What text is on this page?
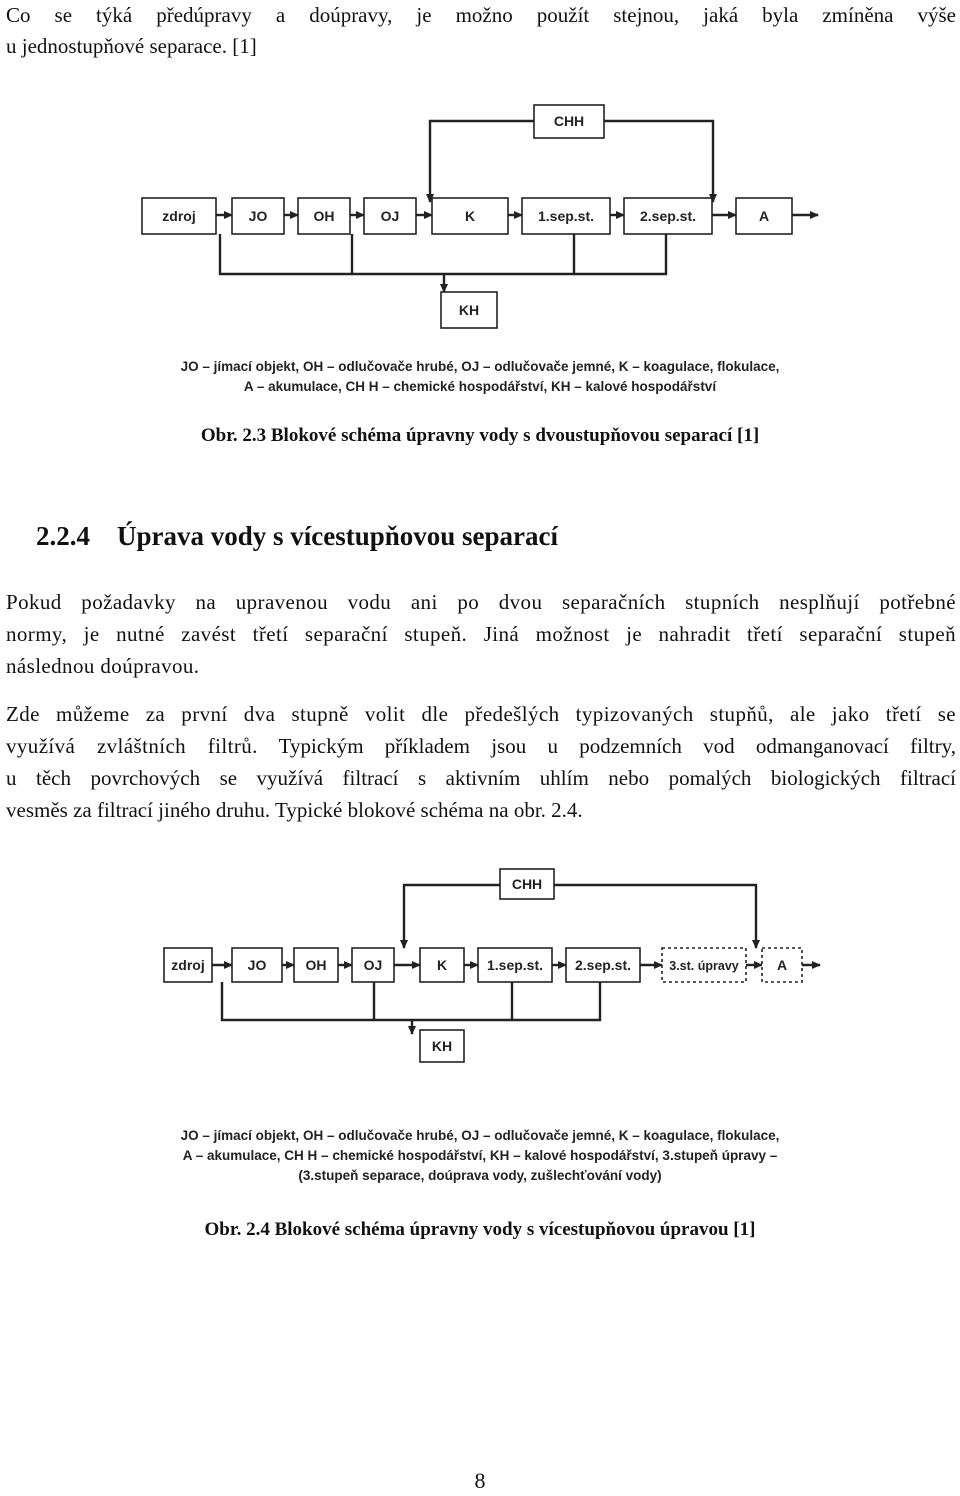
Co se týká předúpravy a doúpravy, je možno použít stejnou, jaká byla zmíněna výše

u jednostupňové separace. [1]

CHH
zdroj	JO	OH	OJ	K	1.sep.st.	2.sep.st.	A
KH

JO – jímací objekt, OH – odlučovače hrubé, OJ – odlučovače jemné, K – koagulace, flokulace,

A – akumulace, CH H – chemické hospodářství, KH – kalové hospodářství

Obr. 2.3 Blokové schéma úpravny vody s dvoustupňovou separací [1]

2.2.4    Úprava vody s vícestupňovou separací

Pokud požadavky na upravenou vodu ani po dvou separačních stupních nesplňují potřebné

normy, je nutné zavést třetí separační stupeň. Jiná možnost je nahradit třetí separační stupeň

následnou doúpravou.

Zde můžeme za první dva stupně volit dle předešlých typizovaných stupňů, ale jako třetí se

využívá zvláštních filtrů. Typickým příkladem jsou u podzemních vod odmanganovací filtry,

u těch povrchových se využívá filtrací s aktivním uhlím nebo pomalých biologických filtrací

vesměs za filtrací jiného druhu. Typické blokové schéma na obr. 2.4.

CHH
zdroj	JO	OH	OJ	K	1.sep.st. 2.sep.st.	3.st. úpravy	A
KH

JO – jímací objekt, OH – odlučovače hrubé, OJ – odlučovače jemné, K – koagulace, flokulace,

A – akumulace, CH H – chemické hospodářství, KH – kalové hospodářství, 3.stupeň úpravy –

(3.stupeň separace, doúprava vody, zušlechťování vody)

Obr. 2.4 Blokové schéma úpravny vody s vícestupňovou úpravou [1]

8
